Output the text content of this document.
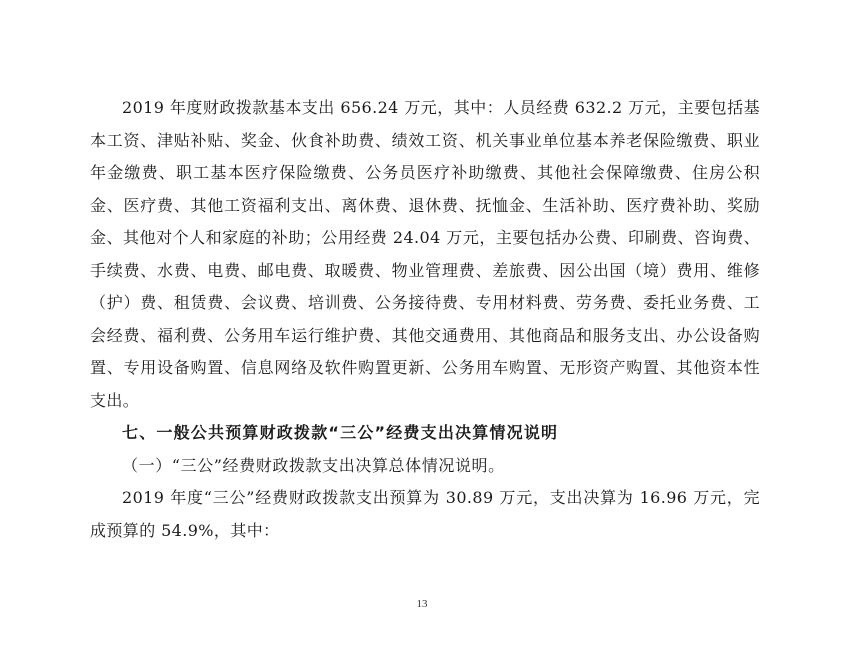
2019 年度财政拨款基本支出 656.24 万元，其中：人员经费 632.2 万元，主要包括基本工资、津贴补贴、奖金、伙食补助费、绩效工资、机关事业单位基本养老保险缴费、职业年金缴费、职工基本医疗保险缴费、公务员医疗补助缴费、其他社会保障缴费、住房公积金、医疗费、其他工资福利支出、离休费、退休费、抚恤金、生活补助、医疗费补助、奖励金、其他对个人和家庭的补助；公用经费 24.04 万元，主要包括办公费、印刷费、咨询费、手续费、水费、电费、邮电费、取暖费、物业管理费、差旅费、因公出国（境）费用、维修（护）费、租赁费、会议费、培训费、公务接待费、专用材料费、劳务费、委托业务费、工会经费、福利费、公务用车运行维护费、其他交通费用、其他商品和服务支出、办公设备购置、专用设备购置、信息网络及软件购置更新、公务用车购置、无形资产购置、其他资本性支出。

七、一般公共预算财政拨款“三公”经费支出决算情况说明

（一）“三公”经费财政拨款支出决算总体情况说明。

2019 年度“三公”经费财政拨款支出预算为 30.89 万元，支出决算为 16.96 万元，完成预算的 54.9%，其中：

13
